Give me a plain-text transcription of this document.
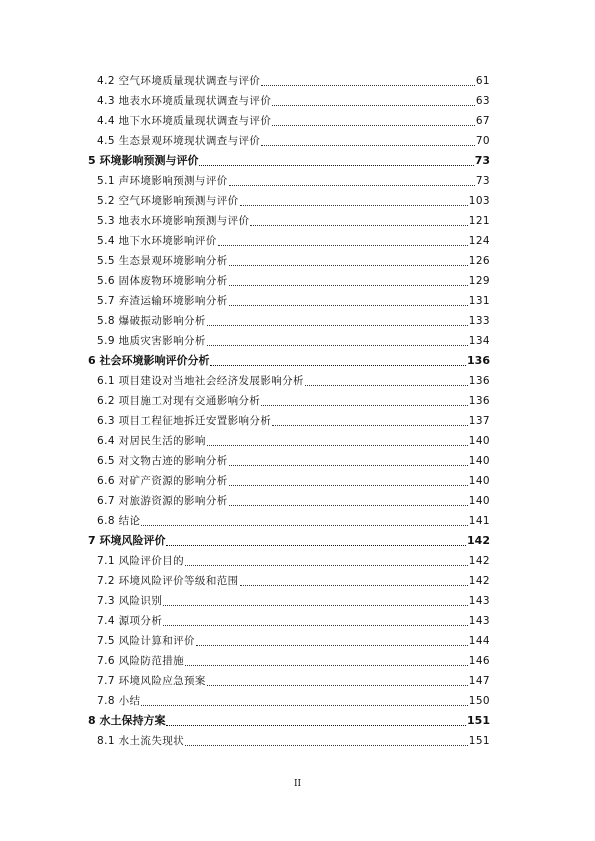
4.2 空气环境质量现状调查与评价	61
4.3 地表水环境质量现状调查与评价	63
4.4 地下水环境质量现状调查与评价	67
4.5 生态景观环境现状调查与评价	70
5 环境影响预测与评价	73
5.1 声环境影响预测与评价	73
5.2 空气环境影响预测与评价	103
5.3 地表水环境影响预测与评价	121
5.4 地下水环境影响评价	124
5.5 生态景观环境影响分析	126
5.6 固体废物环境影响分析	129
5.7 弃渣运输环境影响分析	131
5.8 爆破振动影响分析	133
5.9 地质灾害影响分析	134
6 社会环境影响评价分析	136
6.1 项目建设对当地社会经济发展影响分析	136
6.2 项目施工对现有交通影响分析	136
6.3 项目工程征地拆迁安置影响分析	137
6.4 对居民生活的影响	140
6.5 对文物古迹的影响分析	140
6.6 对矿产资源的影响分析	140
6.7 对旅游资源的影响分析	140
6.8 结论	141
7 环境风险评价	142
7.1 风险评价目的	142
7.2 环境风险评价等级和范围	142
7.3 风险识别	143
7.4 源项分析	143
7.5 风险计算和评价	144
7.6 风险防范措施	146
7.7 环境风险应急预案	147
7.8 小结	150
8 水土保持方案	151
8.1 水土流失现状	151
II
